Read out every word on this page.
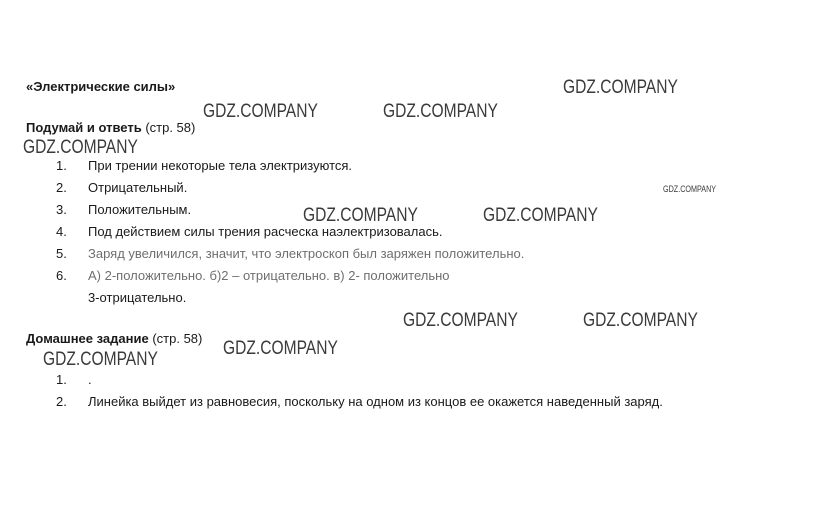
«Электрические силы»
Подумай и ответь (стр. 58)
1.	При трении некоторые тела электризуются.
2.	Отрицательный.
3.	Положительным.
4.	Под действием силы трения расческа наэлектризовалась.
5.	Заряд увеличился, значит, что электроскоп был заряжен положительно.
6.	А) 2-положительно. б)2 – отрицательно. в) 2- положительно
3-отрицательно.
Домашнее задание (стр. 58)
1.	.
2.	Линейка выйдет из равновесия, поскольку на одном из концов ее окажется наведенный заряд.
GDZ.COMPANY
GDZ.COMPANY	GDZ.COMPANY
GDZ.COMPANY
GDZ.COMPANY
GDZ.COMPANY	GDZ.COMPANY
GDZ.COMPANY	GDZ.COMPANY
GDZ.COMPANY
GDZ.COMPANY
